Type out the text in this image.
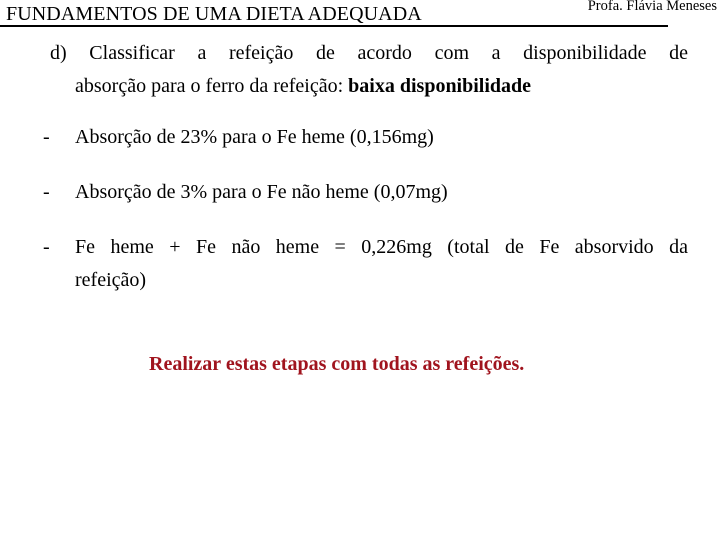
FUNDAMENTOS DE UMA DIETA ADEQUADA	Profa. Flávia Meneses
d) Classificar a refeição de acordo com a disponibilidade de
absorção para o ferro da refeição: baixa disponibilidade
- Absorção de 23% para o Fe heme (0,156mg)
- Absorção de 3% para o Fe não heme (0,07mg)
- Fe heme + Fe não heme = 0,226mg (total de Fe absorvido da
refeição)
Realizar estas etapas com todas as refeições.
